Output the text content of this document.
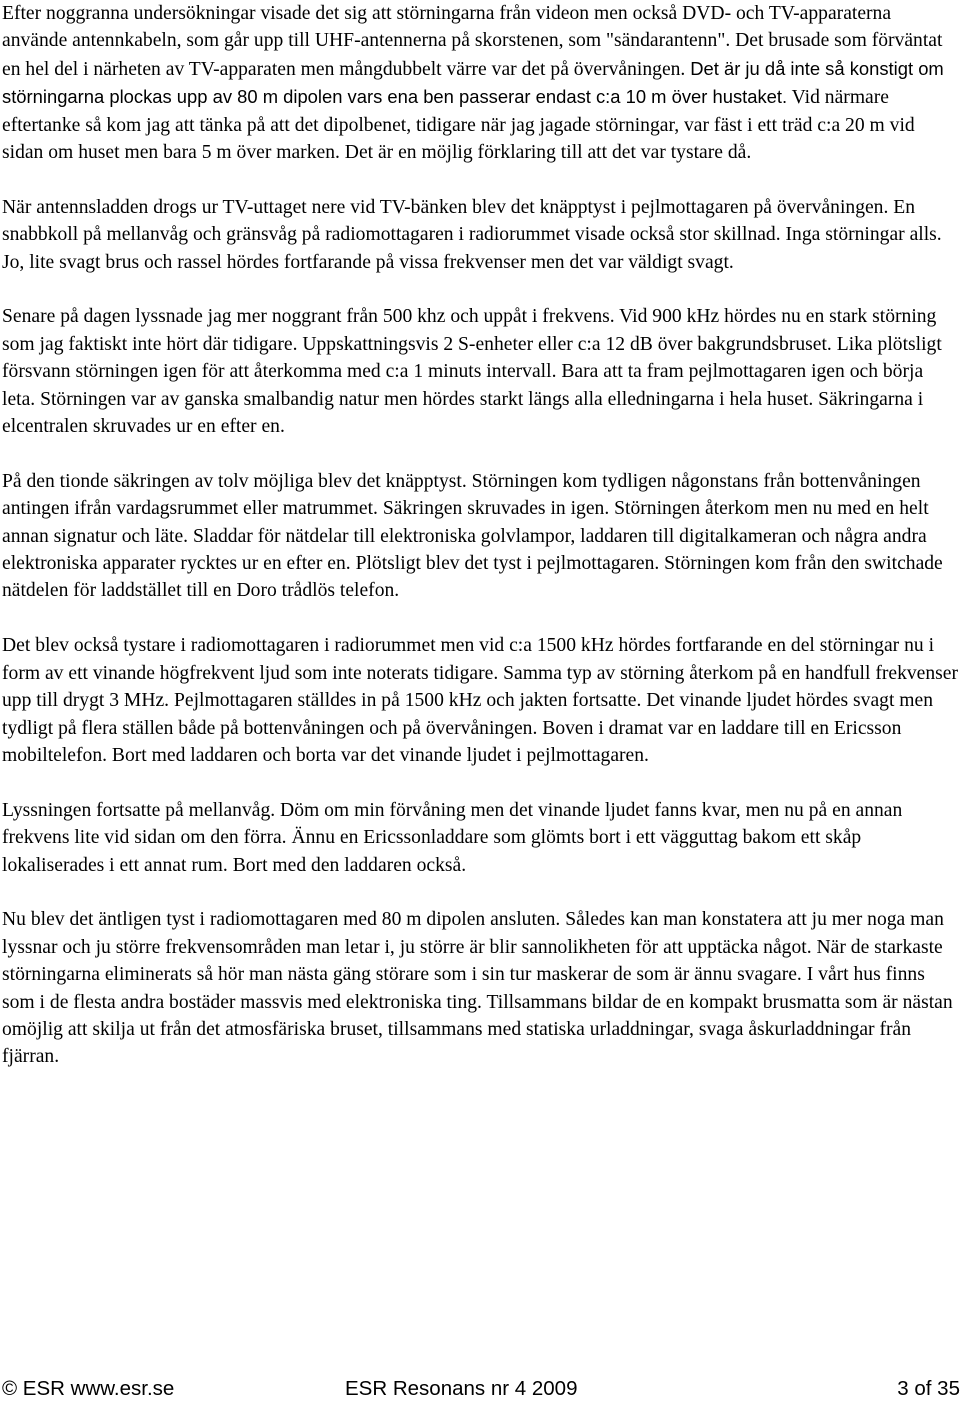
Efter noggranna undersökningar visade det sig att störningarna från videon men också DVD- och TV-apparaterna använde antennkabeln, som går upp till UHF-antennerna på skorstenen, som "sändarantenn". Det brusade som förväntat en hel del i närheten av TV-apparaten men mångdubbelt värre var det på övervåningen. Det är ju då inte så konstigt om störningarna plockas upp av 80 m dipolen vars ena ben passerar endast c:a 10 m över hustaket. Vid närmare eftertanke så kom jag att tänka på att det dipolbenet, tidigare när jag jagade störningar, var fäst i ett träd c:a 20 m vid sidan om huset men bara 5 m över marken. Det är en möjlig förklaring till att det var tystare då.

När antennsladden drogs ur TV-uttaget nere vid TV-bänken blev det knäpptyst i pejlmottagaren på övervåningen. En snabbkoll på mellanvåg och gränsvåg på radiomottagaren i radiorummet visade också stor skillnad. Inga störningar alls. Jo, lite svagt brus och rassel hördes fortfarande på vissa frekvenser men det var väldigt svagt.

Senare på dagen lyssnade jag mer noggrant från 500 khz och uppåt i frekvens. Vid 900 kHz hördes nu en stark störning som jag faktiskt inte hört där tidigare. Uppskattningsvis 2 S-enheter eller c:a 12 dB över bakgrundsbruset. Lika plötsligt försvann störningen igen för att återkomma med c:a 1 minuts intervall. Bara att ta fram pejlmottagaren igen och börja leta. Störningen var av ganska smalbandig natur men hördes starkt längs alla elledningarna i hela huset. Säkringarna i elcentralen skruvades ur en efter en.

På den tionde säkringen av tolv möjliga blev det knäpptyst. Störningen kom tydligen någonstans från bottenvåningen antingen ifrån vardagsrummet eller matrummet. Säkringen skruvades in igen. Störningen återkom men nu med en helt annan signatur och läte. Sladdar för nätdelar till elektroniska golvlampor, laddaren till digitalkameran och några andra elektroniska apparater rycktes ur en efter en. Plötsligt blev det tyst i pejlmottagaren. Störningen kom från den switchade nätdelen för laddstället till en Doro trådlös telefon.

Det blev också tystare i radiomottagaren i radiorummet men vid c:a 1500 kHz hördes fortfarande en del störningar nu i form av ett vinande högfrekvent ljud som inte noterats tidigare. Samma typ av störning återkom på en handfull frekvenser upp till drygt 3 MHz. Pejlmottagaren ställdes in på 1500 kHz och jakten fortsatte. Det vinande ljudet hördes svagt men tydligt på flera ställen både på bottenvåningen och på övervåningen. Boven i dramat var en laddare till en Ericsson mobiltelefon. Bort med laddaren och borta var det vinande ljudet i pejlmottagaren.

Lyssningen fortsatte på mellanvåg. Döm om min förvåning men det vinande ljudet fanns kvar, men nu på en annan frekvens lite vid sidan om den förra. Ännu en Ericssonladdare som glömts bort i ett vägguttag bakom ett skåp lokaliserades i ett annat rum. Bort med den laddaren också.

Nu blev det äntligen tyst i radiomottagaren med 80 m dipolen ansluten. Således kan man konstatera att ju mer noga man lyssnar och ju större frekvensområden man letar i, ju större är blir sannolikheten för att upptäcka något. När de starkaste störningarna eliminerats så hör man nästa gäng störare som i sin tur maskerar de som är ännu svagare. I vårt hus finns som i de flesta andra bostäder massvis med elektroniska ting. Tillsammans bildar de en kompakt brusmatta som är nästan omöjlig att skilja ut från det atmosfäriska bruset, tillsammans med statiska urladdningar, svaga åskurladdningar från fjärran.

© ESR www.esr.se	ESR Resonans nr 4 2009	3 of 35
